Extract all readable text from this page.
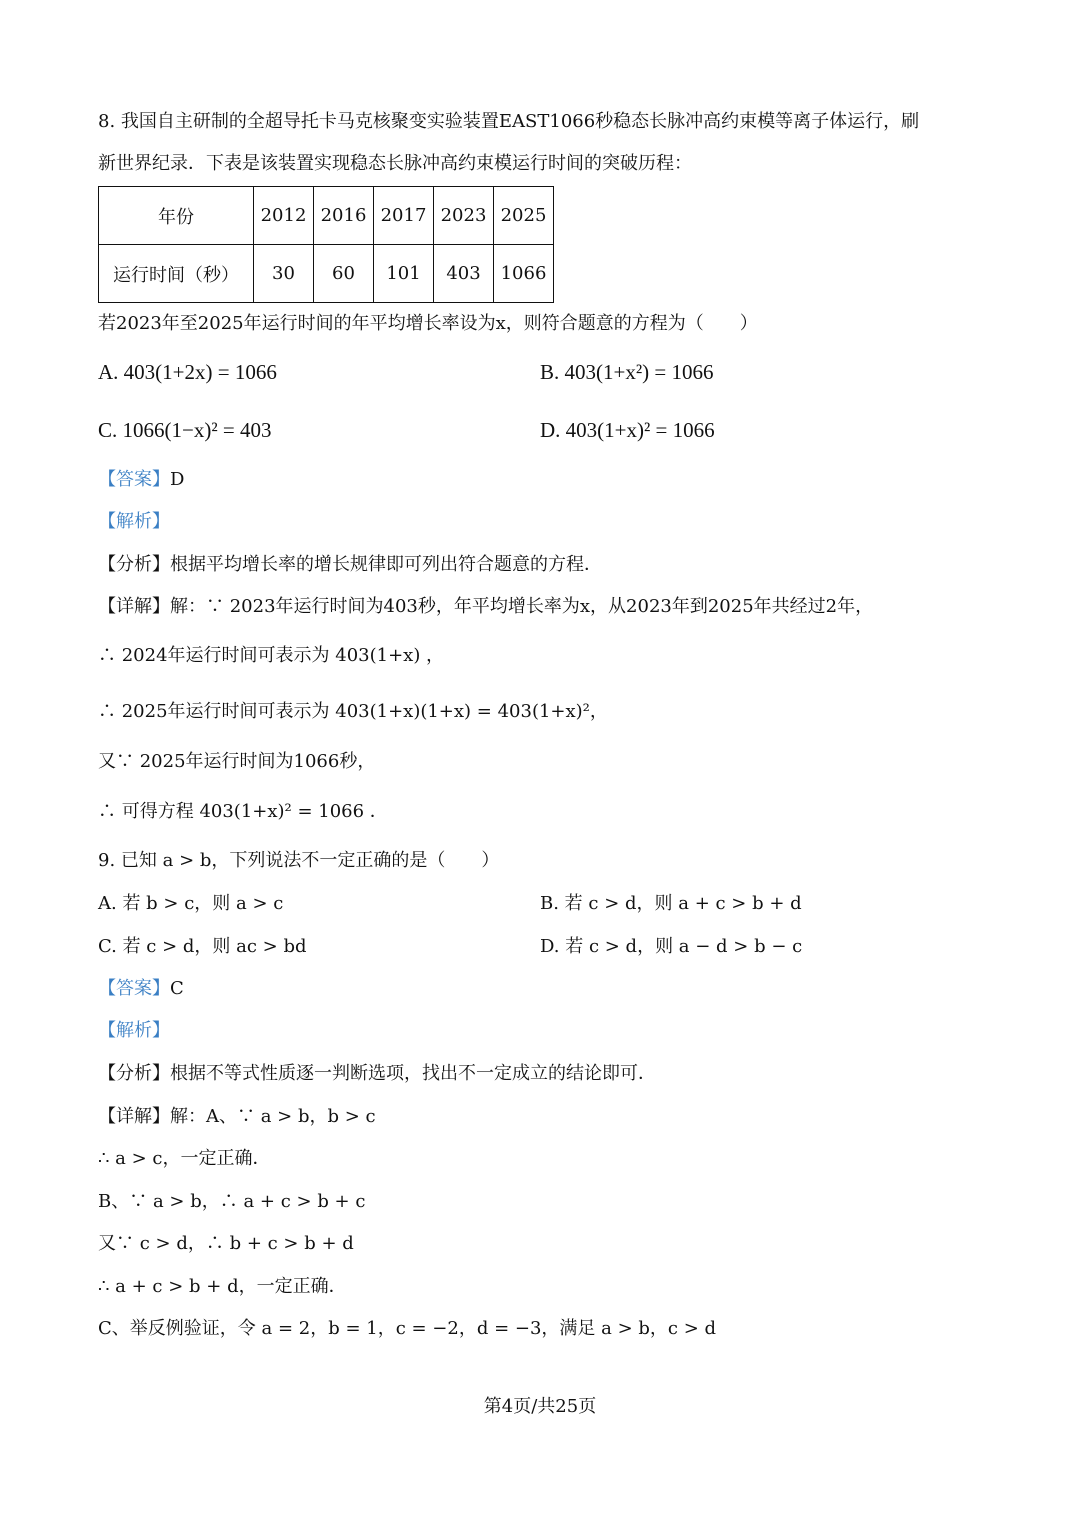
8. 我国自主研制的全超导托卡马克核聚变实验装置EAST1066秒稳态长脉冲高约束模等离子体运行，刷
新世界纪录．下表是该装置实现稳态长脉冲高约束模运行时间的突破历程：
年份	2012	2016	2017	2023	2025
运行时间（秒）	30	60	101	403	1066
若2023年至2025年运行时间的年平均增长率设为x，则符合题意的方程为（　　）
A. 403(1+2x) = 1066	B. 403(1+x²) = 1066
C. 1066(1−x)² = 403	D. 403(1+x)² = 1066
【答案】D
【解析】
【分析】根据平均增长率的增长规律即可列出符合题意的方程．
【详解】解：∵ 2023年运行时间为403秒，年平均增长率为x，从2023年到2025年共经过2年，
∴ 2024年运行时间可表示为 403(1+x) ，
∴ 2025年运行时间可表示为 403(1+x)(1+x) = 403(1+x)²，
又∵ 2025年运行时间为1066秒，
∴ 可得方程 403(1+x)² = 1066 ．
9. 已知 a > b，下列说法不一定正确的是（　　）
A. 若 b > c，则 a > c	B. 若 c > d，则 a + c > b + d
C. 若 c > d，则 ac > bd	D. 若 c > d，则 a − d > b − c
【答案】C
【解析】
【分析】根据不等式性质逐一判断选项，找出不一定成立的结论即可．
【详解】解：A、∵ a > b，b > c
∴ a > c，一定正确．
B、∵ a > b，∴ a + c > b + c
又∵ c > d，∴ b + c > b + d
∴ a + c > b + d，一定正确．
C、举反例验证，令 a = 2，b = 1，c = −2，d = −3，满足 a > b，c > d
第4页/共25页
